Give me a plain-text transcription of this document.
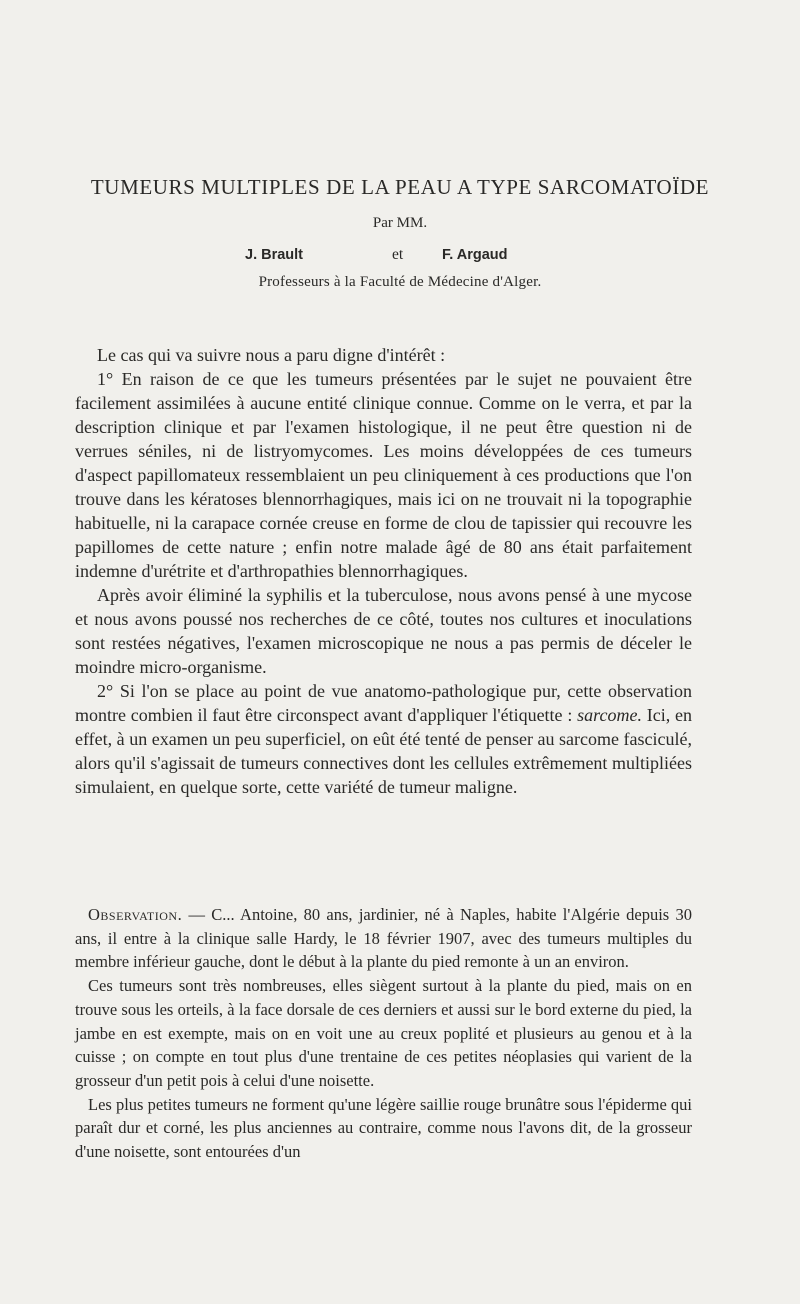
TUMEURS MULTIPLES DE LA PEAU A TYPE SARCOMATOÏDE
Par MM.
J. Brault	et	F. Argaud
Professeurs à la Faculté de Médecine d'Alger.

Le cas qui va suivre nous a paru digne d'intérêt :

1° En raison de ce que les tumeurs présentées par le sujet ne pouvaient être facilement assimilées à aucune entité clinique connue. Comme on le verra, et par la description clinique et par l'examen histologique, il ne peut être question ni de verrues séniles, ni de listryomycomes. Les moins développées de ces tumeurs d'aspect papillomateux ressemblaient un peu cliniquement à ces productions que l'on trouve dans les kératoses blennorrhagiques, mais ici on ne trouvait ni la topographie habituelle, ni la carapace cornée creuse en forme de clou de tapissier qui recouvre les papillomes de cette nature ; enfin notre malade âgé de 80 ans était parfaitement indemne d'urétrite et d'arthropathies blennorrhagiques.

Après avoir éliminé la syphilis et la tuberculose, nous avons pensé à une mycose et nous avons poussé nos recherches de ce côté, toutes nos cultures et inoculations sont restées négatives, l'examen microscopique ne nous a pas permis de déceler le moindre micro-organisme.

2° Si l'on se place au point de vue anatomo-pathologique pur, cette observation montre combien il faut être circonspect avant d'appliquer l'étiquette : sarcome. Ici, en effet, à un examen un peu superficiel, on eût été tenté de penser au sarcome fasciculé, alors qu'il s'agissait de tumeurs connectives dont les cellules extrêmement multipliées simulaient, en quelque sorte, cette variété de tumeur maligne.

Observation. — C... Antoine, 80 ans, jardinier, né à Naples, habite l'Algérie depuis 30 ans, il entre à la clinique salle Hardy, le 18 février 1907, avec des tumeurs multiples du membre inférieur gauche, dont le début à la plante du pied remonte à un an environ.

Ces tumeurs sont très nombreuses, elles siègent surtout à la plante du pied, mais on en trouve sous les orteils, à la face dorsale de ces derniers et aussi sur le bord externe du pied, la jambe en est exempte, mais on en voit une au creux poplité et plusieurs au genou et à la cuisse ; on compte en tout plus d'une trentaine de ces petites néoplasies qui varient de la grosseur d'un petit pois à celui d'une noisette.

Les plus petites tumeurs ne forment qu'une légère saillie rouge brunâtre sous l'épiderme qui paraît dur et corné, les plus anciennes au contraire, comme nous l'avons dit, de la grosseur d'une noisette, sont entourées d'un
